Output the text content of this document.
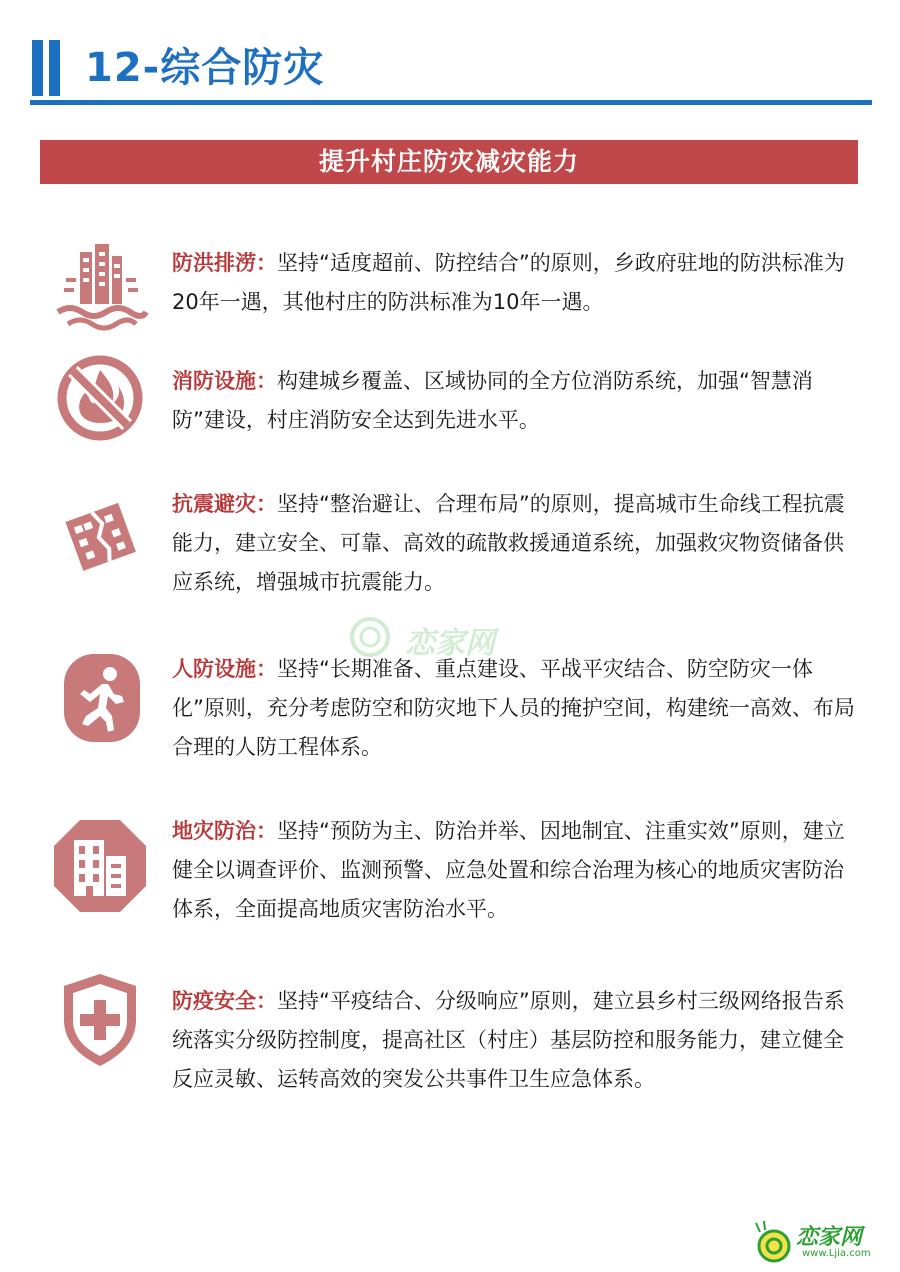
12-综合防灾
提升村庄防灾减灾能力
恋家网
防洪排涝：坚持“适度超前、防控结合”的原则，乡政府驻地的防洪标准为20年一遇，其他村庄的防洪标准为10年一遇。
消防设施：构建城乡覆盖、区域协同的全方位消防系统，加强“智慧消防”建设，村庄消防安全达到先进水平。
抗震避灾：坚持“整治避让、合理布局”的原则，提高城市生命线工程抗震能力，建立安全、可靠、高效的疏散救援通道系统，加强救灾物资储备供应系统，增强城市抗震能力。
人防设施：坚持“长期准备、重点建设、平战平灾结合、防空防灾一体化”原则，充分考虑防空和防灾地下人员的掩护空间，构建统一高效、布局合理的人防工程体系。
地灾防治：坚持“预防为主、防治并举、因地制宜、注重实效”原则，建立健全以调查评价、监测预警、应急处置和综合治理为核心的地质灾害防治体系，全面提高地质灾害防治水平。
防疫安全：坚持“平疫结合、分级响应”原则，建立县乡村三级网络报告系统落实分级防控制度，提高社区（村庄）基层防控和服务能力，建立健全反应灵敏、运转高效的突发公共事件卫生应急体系。
恋家网
www.Ljia.com
